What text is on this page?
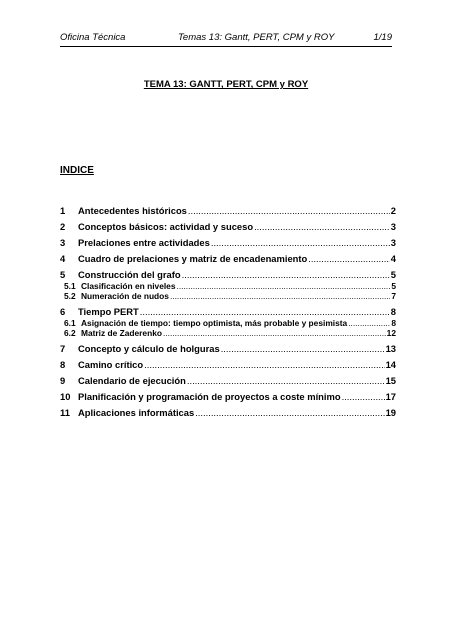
Oficina Técnica	Temas 13: Gantt, PERT, CPM y ROY	1/19
TEMA 13: GANTT, PERT, CPM y ROY
INDICE
1	Antecedentes históricos .....	2
2	Conceptos básicos: actividad y suceso .....	3
3	Prelaciones entre actividades .....	3
4	Cuadro de prelaciones y matriz de encadenamiento .....	4
5	Construcción del grafo .....	5
5.1 Clasificación en niveles .....	5
5.2 Numeración de nudos .....	7
6	Tiempo PERT .....	8
6.1 Asignación de tiempo: tiempo optimista, más probable y pesimista .....	8
6.2 Matriz de Zaderenko .....	12
7	Concepto y cálculo de holguras .....	13
8	Camino crítico .....	14
9	Calendario de ejecución .....	15
10 Planificación y programación de proyectos a coste mínimo .....	17
11 Aplicaciones informáticas .....	19
